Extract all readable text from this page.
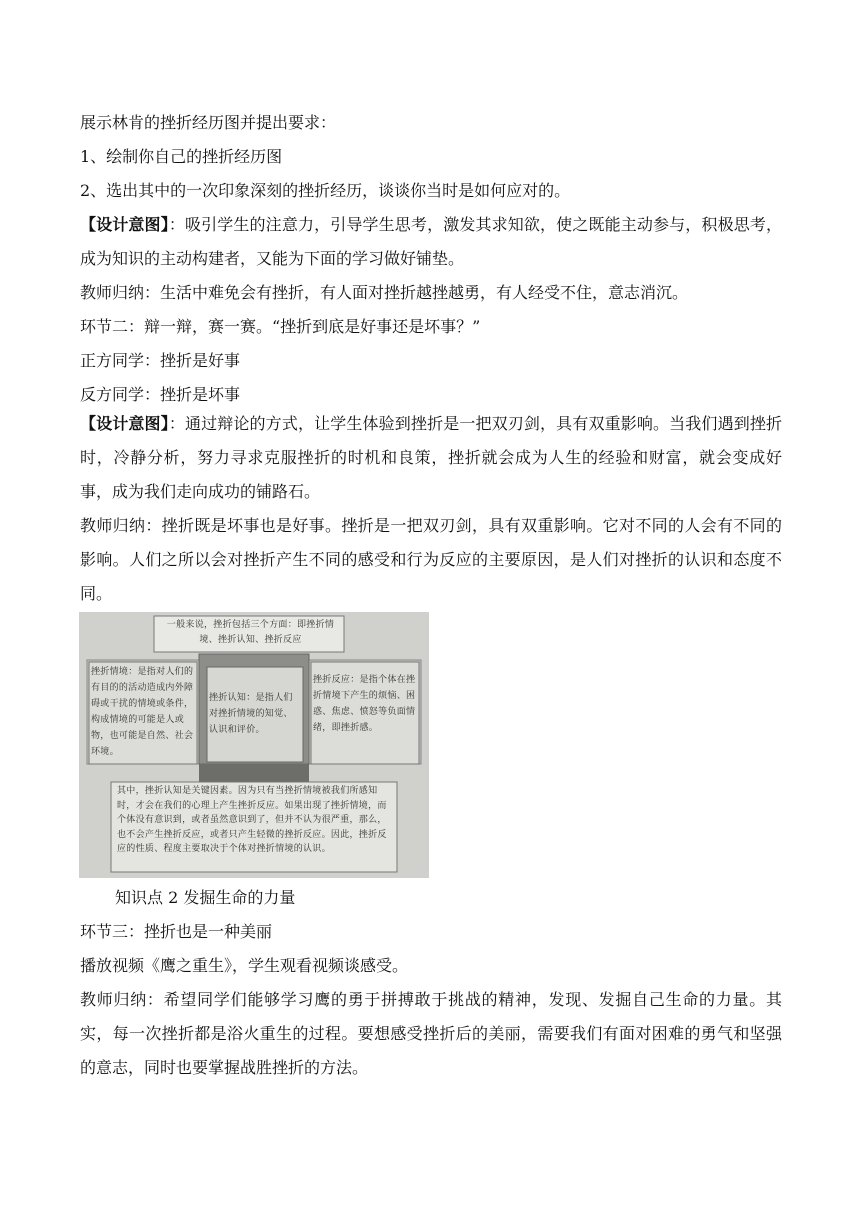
展示林肯的挫折经历图并提出要求：
1、绘制你自己的挫折经历图
2、选出其中的一次印象深刻的挫折经历，谈谈你当时是如何应对的。

【设计意图】：吸引学生的注意力，引导学生思考，激发其求知欲，使之既能主动参与，积极思考，成为知识的主动构建者，又能为下面的学习做好铺垫。

教师归纳：生活中难免会有挫折，有人面对挫折越挫越勇，有人经受不住，意志消沉。
环节二：辩一辩，赛一赛。“挫折到底是好事还是坏事？”
正方同学：挫折是好事
反方同学：挫折是坏事

【设计意图】：通过辩论的方式，让学生体验到挫折是一把双刃剑，具有双重影响。当我们遇到挫折时，冷静分析，努力寻求克服挫折的时机和良策，挫折就会成为人生的经验和财富，就会变成好事，成为我们走向成功的铺路石。

教师归纳：挫折既是坏事也是好事。挫折是一把双刃剑，具有双重影响。它对不同的人会有不同的影响。人们之所以会对挫折产生不同的感受和行为反应的主要原因，是人们对挫折的认识和态度不同。

一般来说，挫折包括三个方面：即挫折情境、挫折认知、挫折反应
挫折情境：是指对人们的有目的的活动造成内外障碍或干扰的情境或条件，构成情境的可能是人或物，也可能是自然、社会环境。
挫折认知：是指人们对挫折情境的知觉、认识和评价。
挫折反应：是指个体在挫折情境下产生的烦恼、困惑、焦虑、愤怒等负面情绪，即挫折感。
其中，挫折认知是关键因素。因为只有当挫折情境被我们所感知时，才会在我们的心理上产生挫折反应。如果出现了挫折情境，而个体没有意识到，或者虽然意识到了，但并不认为很严重，那么，也不会产生挫折反应，或者只产生轻微的挫折反应。因此，挫折反应的性质、程度主要取决于个体对挫折情境的认识。
知识点 2 发掘生命的力量
环节三：挫折也是一种美丽
播放视频《鹰之重生》，学生观看视频谈感受。

教师归纳：希望同学们能够学习鹰的勇于拼搏敢于挑战的精神，发现、发掘自己生命的力量。其实，每一次挫折都是浴火重生的过程。要想感受挫折后的美丽，需要我们有面对困难的勇气和坚强的意志，同时也要掌握战胜挫折的方法。
